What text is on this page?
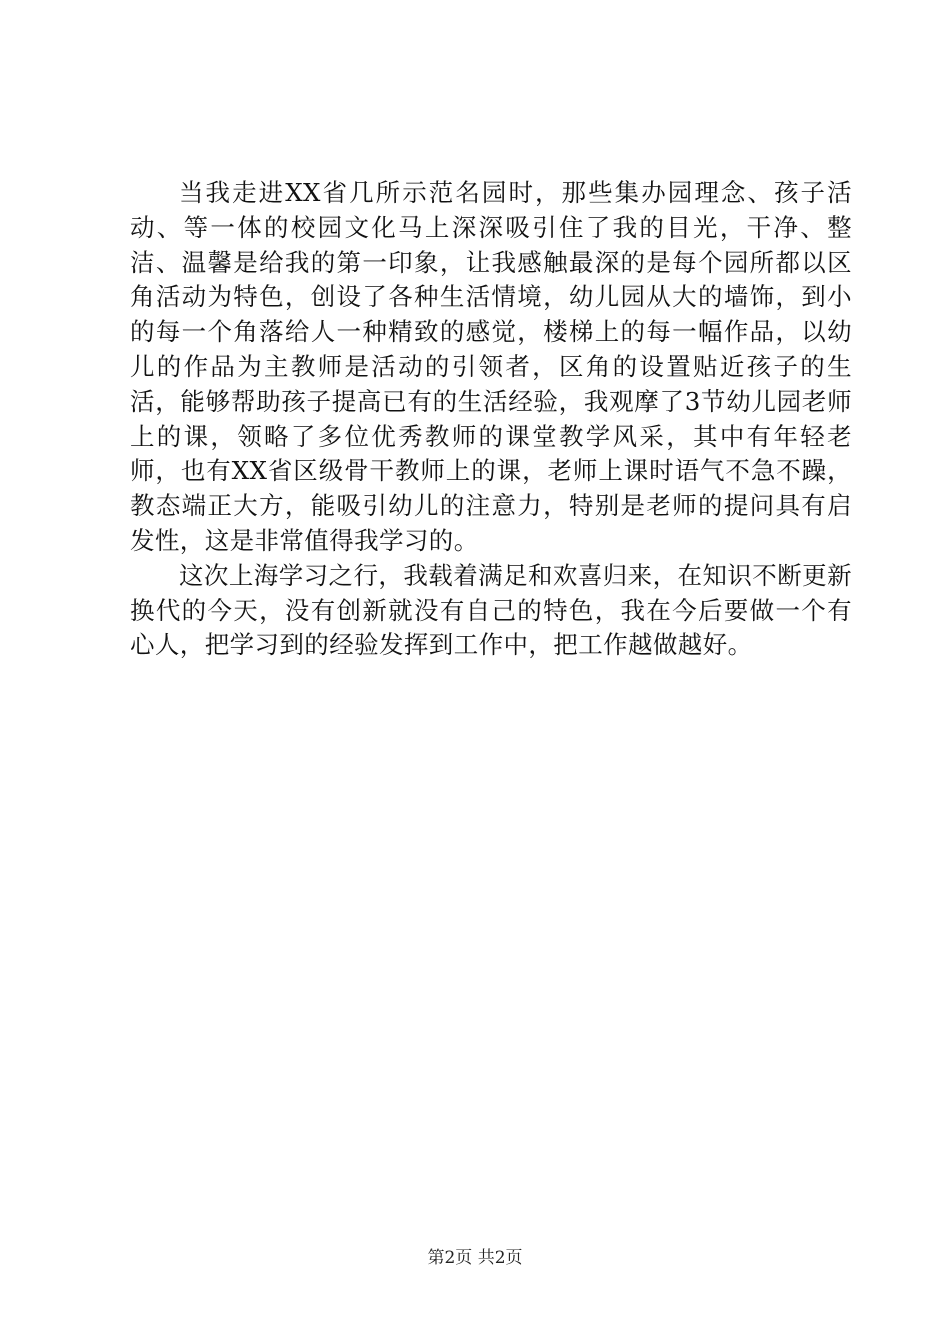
当我走进XX省几所示范名园时，那些集办园理念、孩子活动、等一体的校园文化马上深深吸引住了我的目光，干净、整洁、温馨是给我的第一印象，让我感触最深的是每个园所都以区角活动为特色，创设了各种生活情境，幼儿园从大的墙饰，到小的每一个角落给人一种精致的感觉，楼梯上的每一幅作品，以幼儿的作品为主教师是活动的引领者，区角的设置贴近孩子的生活，能够帮助孩子提高已有的生活经验，我观摩了3节幼儿园老师上的课，领略了多位优秀教师的课堂教学风采，其中有年轻老师，也有XX省区级骨干教师上的课，老师上课时语气不急不躁，教态端正大方，能吸引幼儿的注意力，特别是老师的提问具有启发性，这是非常值得我学习的。

这次上海学习之行，我载着满足和欢喜归来，在知识不断更新换代的今天，没有创新就没有自己的特色，我在今后要做一个有心人，把学习到的经验发挥到工作中，把工作越做越好。

第2页 共2页
